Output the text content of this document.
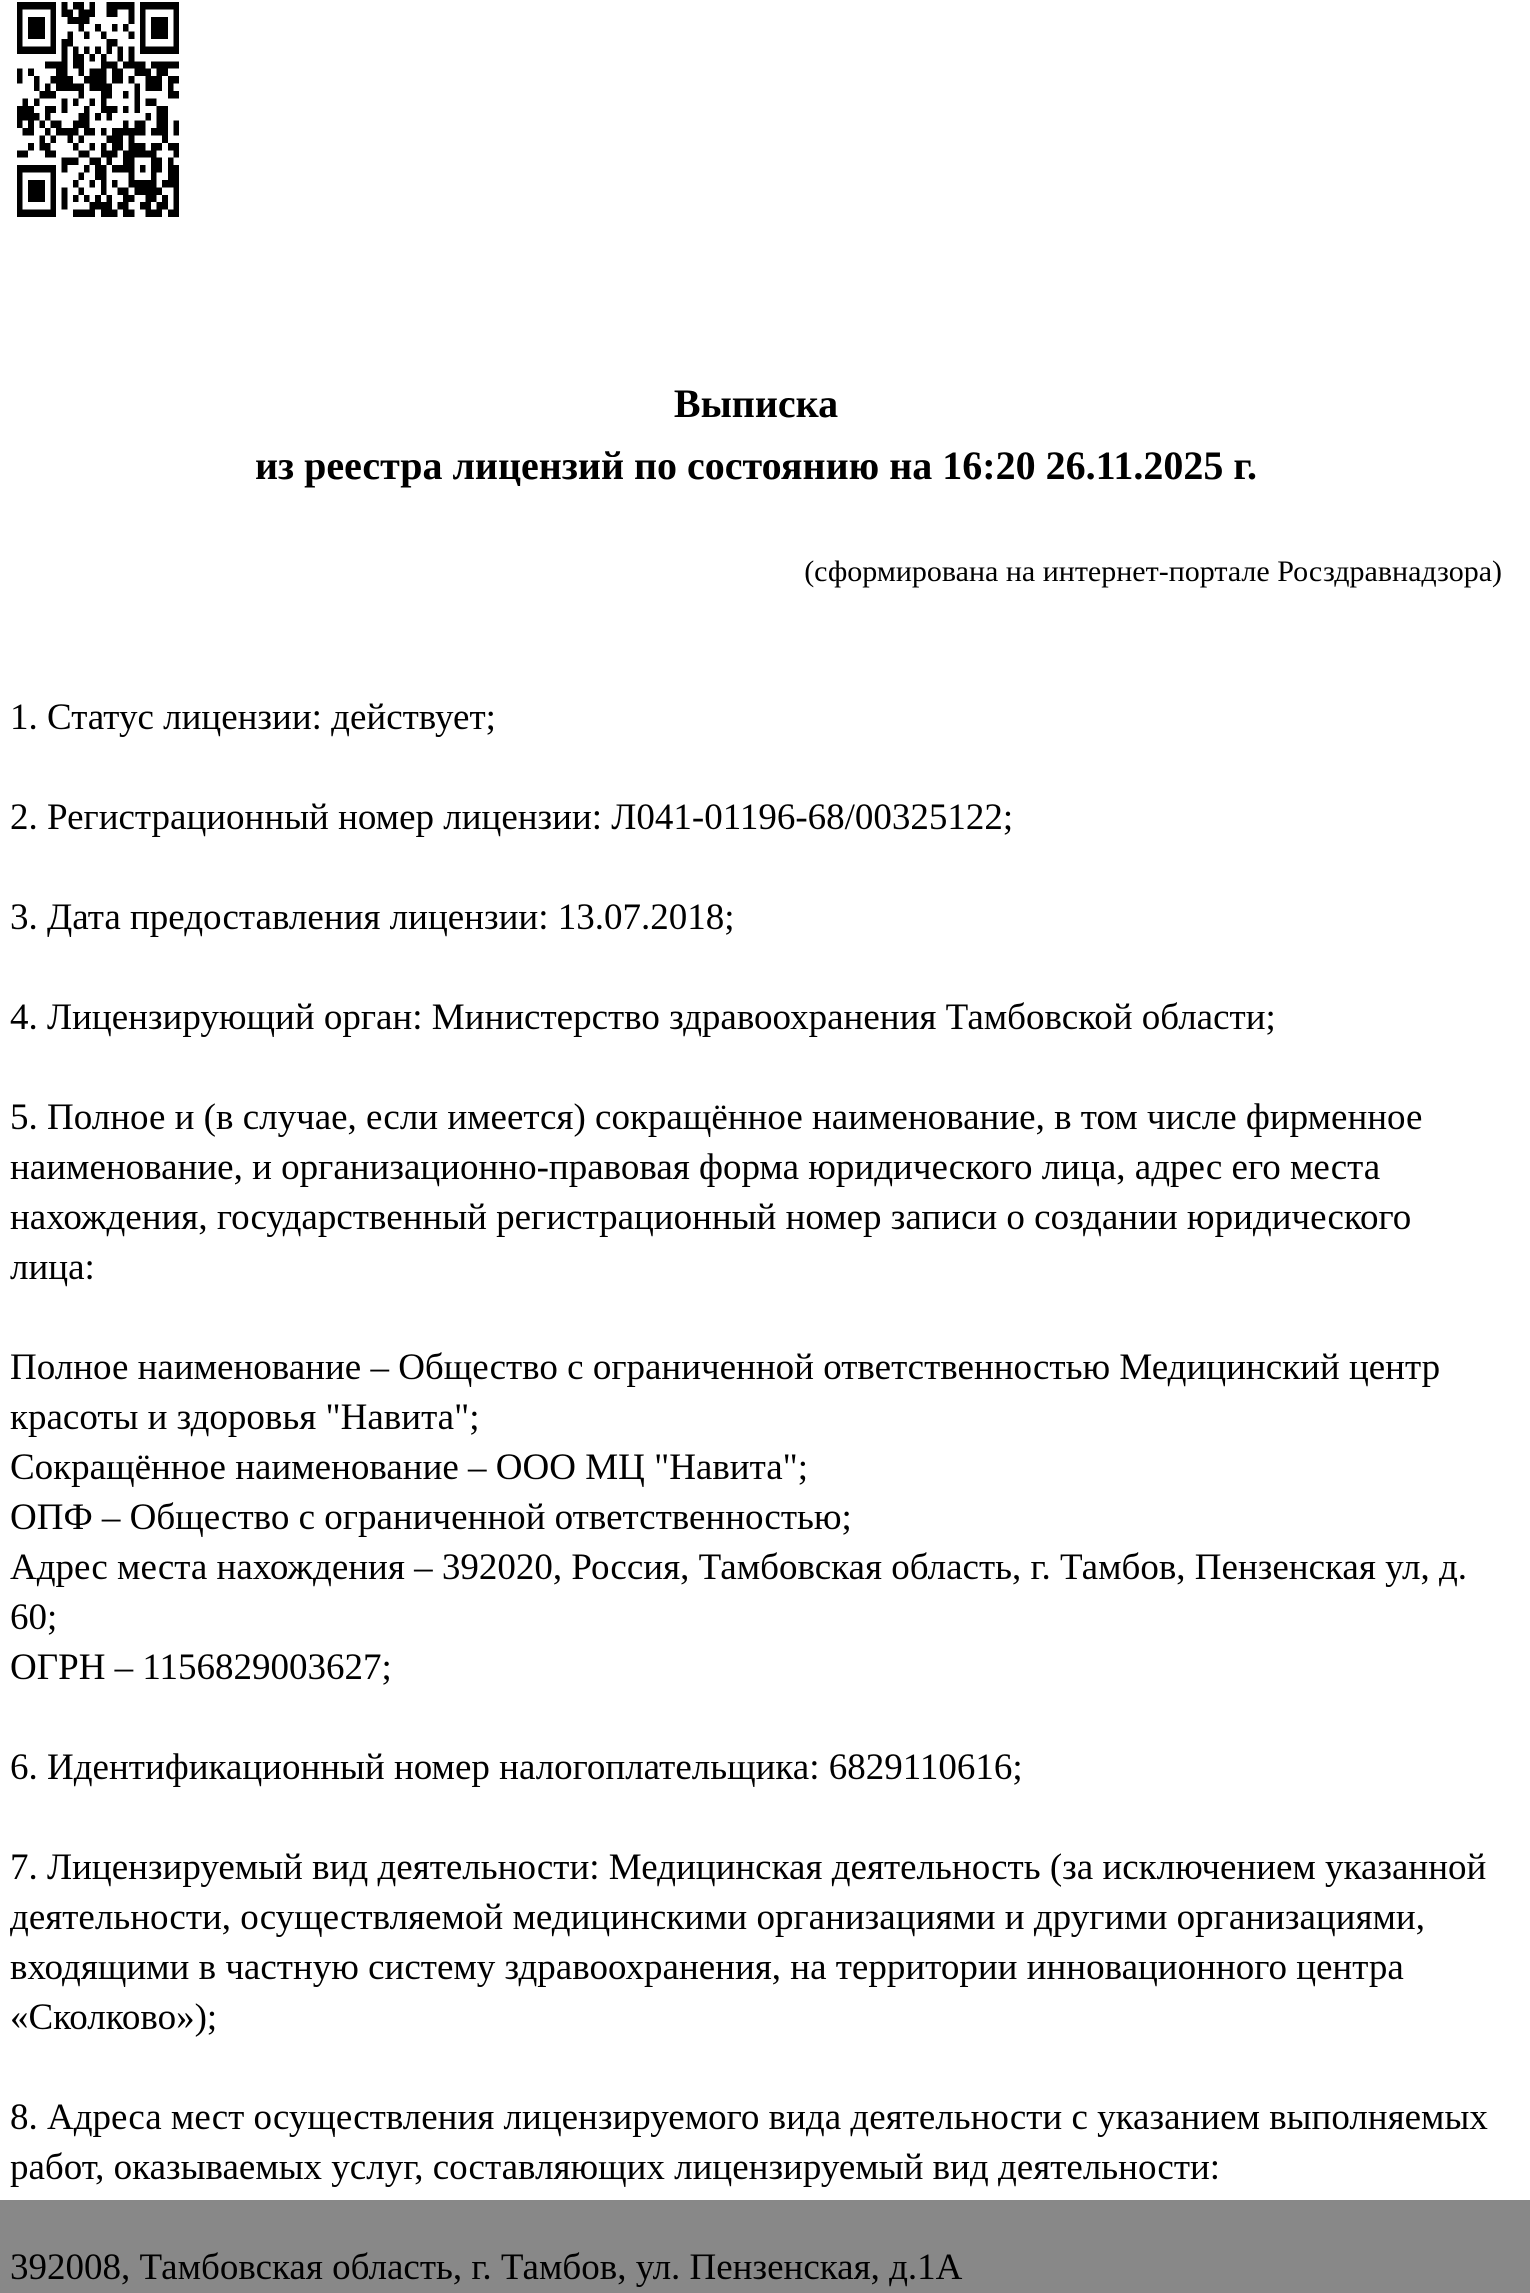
Выписка

из реестра лицензий по состоянию на 16:20 26.11.2025 г.

(сформирована на интернет-портале Росздравнадзора)

1. Статус лицензии: действует;

2. Регистрационный номер лицензии: Л041-01196-68/00325122;

3. Дата предоставления лицензии: 13.07.2018;

4. Лицензирующий орган: Министерство здравоохранения Тамбовской области;

5. Полное и (в случае, если имеется) сокращённое наименование, в том числе фирменное наименование, и организационно-правовая форма юридического лица, адрес его места нахождения, государственный регистрационный номер записи о создании юридического лица:

Полное наименование – Общество с ограниченной ответственностью Медицинский центр красоты и здоровья "Навита";

Сокращённое наименование – ООО МЦ "Навита";

ОПФ – Общество с ограниченной ответственностью;

Адрес места нахождения – 392020, Россия, Тамбовская область, г. Тамбов, Пензенская ул, д. 60;

ОГРН – 1156829003627;

6. Идентификационный номер налогоплательщика: 6829110616;

7. Лицензируемый вид деятельности: Медицинская деятельность (за исключением указанной деятельности, осуществляемой медицинскими организациями и другими организациями, входящими в частную систему здравоохранения, на территории инновационного центра «Сколково»);

8. Адреса мест осуществления лицензируемого вида деятельности с указанием выполняемых работ, оказываемых услуг, составляющих лицензируемый вид деятельности:

392008, Тамбовская область, г. Тамбов, ул. Пензенская, д.1А
